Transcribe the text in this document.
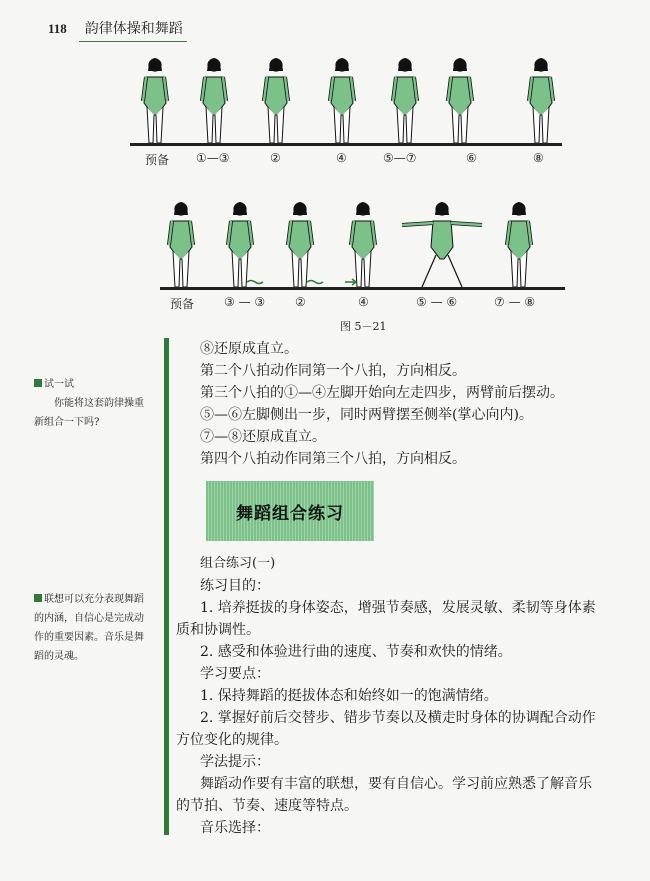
118	韵律体操和舞蹈
预备 ①—③	②	④	⑤—⑦	⑥	⑧
预备 ③ — ③ ②	④	⑤ — ⑥	⑦ — ⑧
图 5－21
试一试
你能将这套韵律操重
新组合一下吗?
联想可以充分表现舞蹈
的内涵，自信心是完成动
作的重要因素。音乐是舞
蹈的灵魂。

⑧还原成直立。

第二个八拍动作同第一个八拍，方向相反。

第三个八拍的①—④左脚开始向左走四步，两臂前后摆动。

⑤—⑥左脚侧出一步，同时两臂摆至侧举(掌心向内)。

⑦—⑧还原成直立。

第四个八拍动作同第三个八拍，方向相反。

舞蹈组合练习

组合练习(一)

练习目的：

1. 培养挺拔的身体姿态，增强节奏感，发展灵敏、柔韧等身体素

质和协调性。

2. 感受和体验进行曲的速度、节奏和欢快的情绪。

学习要点：

1. 保持舞蹈的挺拔体态和始终如一的饱满情绪。

2. 掌握好前后交替步、错步节奏以及横走时身体的协调配合动作

方位变化的规律。

学法提示：

舞蹈动作要有丰富的联想，要有自信心。学习前应熟悉了解音乐

的节拍、节奏、速度等特点。

音乐选择：
